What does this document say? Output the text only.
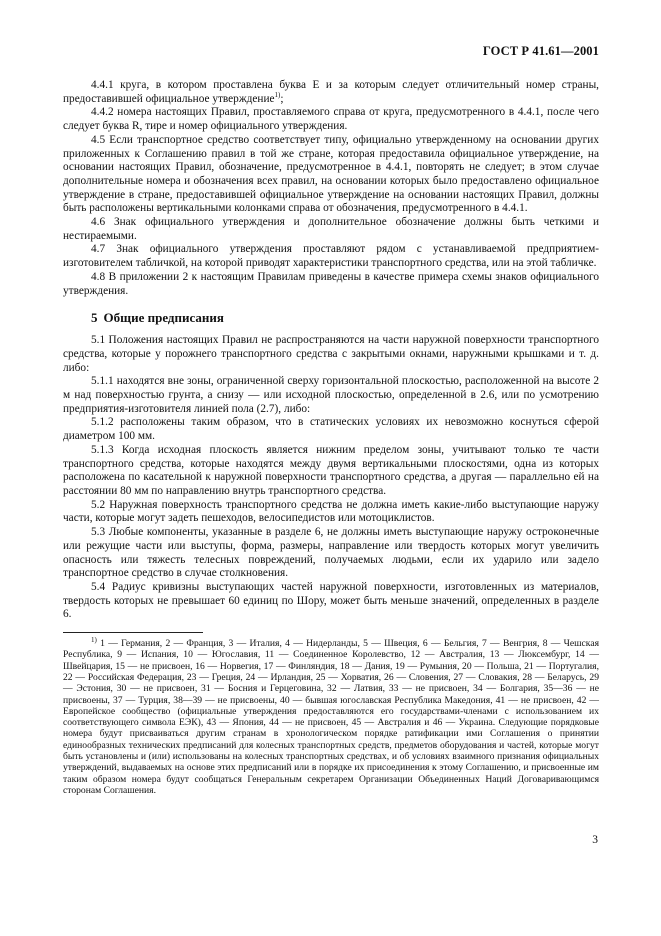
ГОСТ Р 41.61—2001

4.4.1 круга, в котором проставлена буква E и за которым следует отличительный номер страны, предоставившей официальное утверждение$^{1)}$;

4.4.2 номера настоящих Правил, проставляемого справа от круга, предусмотренного в 4.4.1, после чего следует буква R, тире и номер официального утверждения.

4.5 Если транспортное средство соответствует типу, официально утвержденному на основании других приложенных к Соглашению правил в той же стране, которая предоставила официальное утверждение, на основании настоящих Правил, обозначение, предусмотренное в 4.4.1, повторять не следует; в этом случае дополнительные номера и обозначения всех правил, на основании которых было предоставлено официальное утверждение в стране, предоставившей официальное утверждение на основании настоящих Правил, должны быть расположены вертикальными колонками справа от обозначения, предусмотренного в 4.4.1.

4.6 Знак официального утверждения и дополнительное обозначение должны быть четкими и нестираемыми.

4.7 Знак официального утверждения проставляют рядом с устанавливаемой предприятием-изготовителем табличкой, на которой приводят характеристики транспортного средства, или на этой табличке.

4.8 В приложении 2 к настоящим Правилам приведены в качестве примера схемы знаков официального утверждения.

5 Общие предписания

5.1 Положения настоящих Правил не распространяются на части наружной поверхности транспортного средства, которые у порожнего транспортного средства с закрытыми окнами, наружными крышками и т. д. либо:

5.1.1 находятся вне зоны, ограниченной сверху горизонтальной плоскостью, расположенной на высоте 2 м над поверхностью грунта, а снизу — или исходной плоскостью, определенной в 2.6, или по усмотрению предприятия-изготовителя линией пола (2.7), либо:

5.1.2 расположены таким образом, что в статических условиях их невозможно коснуться сферой диаметром 100 мм.

5.1.3 Когда исходная плоскость является нижним пределом зоны, учитывают только те части транспортного средства, которые находятся между двумя вертикальными плоскостями, одна из которых расположена по касательной к наружной поверхности транспортного средства, а другая — параллельно ей на расстоянии 80 мм по направлению внутрь транспортного средства.

5.2 Наружная поверхность транспортного средства не должна иметь какие-либо выступающие наружу части, которые могут задеть пешеходов, велосипедистов или мотоциклистов.

5.3 Любые компоненты, указанные в разделе 6, не должны иметь выступающие наружу остроконечные или режущие части или выступы, форма, размеры, направление или твердость которых могут увеличить опасность или тяжесть телесных повреждений, получаемых людьми, если их ударило или задело транспортное средство в случае столкновения.

5.4 Радиус кривизны выступающих частей наружной поверхности, изготовленных из материалов, твердость которых не превышает 60 единиц по Шору, может быть меньше значений, определенных в разделе 6.

$^{1)}$ 1 — Германия, 2 — Франция, 3 — Италия, 4 — Нидерланды, 5 — Швеция, 6 — Бельгия, 7 — Венгрия, 8 — Чешская Республика, 9 — Испания, 10 — Югославия, 11 — Соединенное Королевство, 12 — Австралия, 13 — Люксембург, 14 — Швейцария, 15 — не присвоен, 16 — Норвегия, 17 — Финляндия, 18 — Дания, 19 — Румыния, 20 — Польша, 21 — Португалия, 22 — Российская Федерация, 23 — Греция, 24 — Ирландия, 25 — Хорватия, 26 — Словения, 27 — Словакия, 28 — Беларусь, 29 — Эстония, 30 — не присвоен, 31 — Босния и Герцеговина, 32 — Латвия, 33 — не присвоен, 34 — Болгария, 35—36 — не присвоены, 37 — Турция, 38—39 — не присвоены, 40 — бывшая югославская Республика Македония, 41 — не присвоен, 42 — Европейское сообщество (официальные утверждения предоставляются его государствами-членами с использованием их соответствующего символа ЕЭК), 43 — Япония, 44 — не присвоен, 45 — Австралия и 46 — Украина. Следующие порядковые номера будут присваиваться другим странам в хронологическом порядке ратификации ими Соглашения о принятии единообразных технических предписаний для колесных транспортных средств, предметов оборудования и частей, которые могут быть установлены и (или) использованы на колесных транспортных средствах, и об условиях взаимного признания официальных утверждений, выдаваемых на основе этих предписаний или в порядке их присоединения к этому Соглашению, и присвоенные им таким образом номера будут сообщаться Генеральным секретарем Организации Объединенных Наций Договаривающимся сторонам Соглашения.

3
